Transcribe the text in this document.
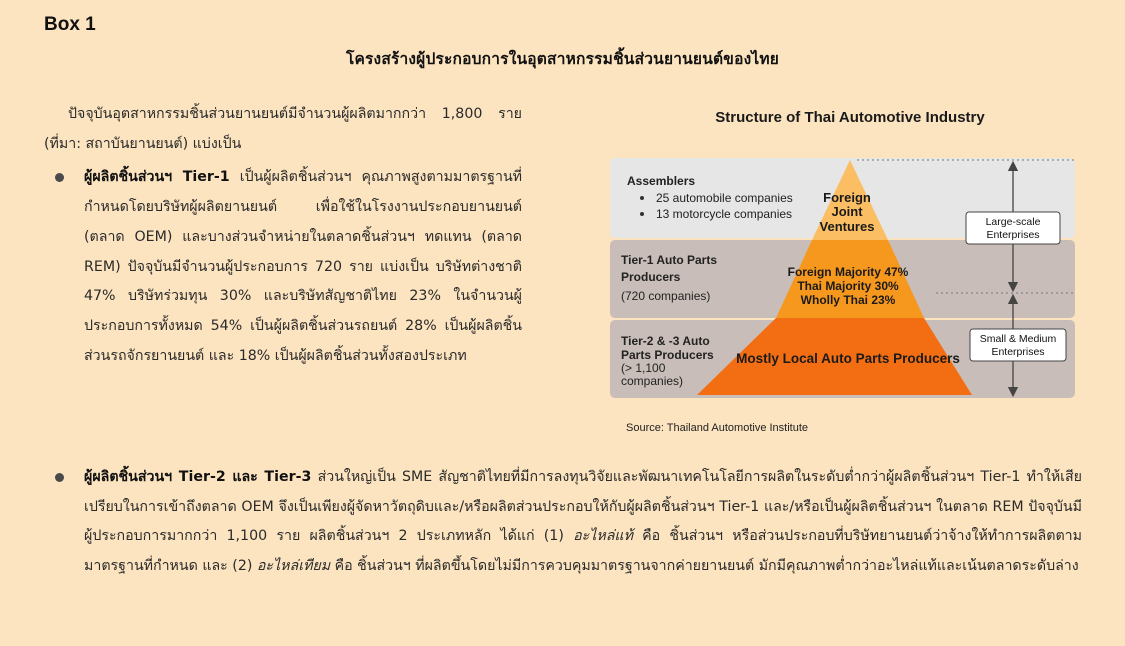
Box 1
โครงสร้างผู้ประกอบการในอุตสาหกรรมชิ้นส่วนยานยนต์ของไทย

ปัจจุบันอุตสาหกรรมชิ้นส่วนยานยนต์มีจำนวนผู้ผลิตมากกว่า 1,800 ราย (ที่มา: สถาบันยานยนต์) แบ่งเป็น

ผู้ผลิตชิ้นส่วนฯ Tier-1 เป็นผู้ผลิตชิ้นส่วนฯ คุณภาพสูงตามมาตรฐานที่กำหนดโดยบริษัทผู้ผลิตยานยนต์ เพื่อใช้ในโรงงานประกอบยานยนต์ (ตลาด OEM) และบางส่วนจำหน่ายในตลาดชิ้นส่วนฯ ทดแทน (ตลาด REM) ปัจจุบันมีจำนวนผู้ประกอบการ 720 ราย แบ่งเป็น บริษัทต่างชาติ 47% บริษัทร่วมทุน 30% และบริษัทสัญชาติไทย 23% ในจำนวนผู้ประกอบการทั้งหมด 54% เป็นผู้ผลิตชิ้นส่วนรถยนต์ 28% เป็นผู้ผลิตชิ้นส่วนรถจักรยานยนต์ และ 18% เป็นผู้ผลิตชิ้นส่วนทั้งสองประเภท
Structure of Thai Automotive Industry
Assemblers
25 automobile companies
13 motorcycle companies
Foreign
Joint
Ventures
Tier-1 Auto Parts
Producers
(720 companies)
Foreign Majority 47%
Thai Majority 30%
Wholly Thai 23%
Tier-2 & -3 Auto
Parts Producers
(> 1,100
companies)
Mostly Local Auto Parts Producers
Large-scale
Enterprises
Small & Medium
Enterprises
Source: Thailand Automotive Institute
ผู้ผลิตชิ้นส่วนฯ Tier-2 และ Tier-3 ส่วนใหญ่เป็น SME สัญชาติไทยที่มีการลงทุนวิจัยและพัฒนาเทคโนโลยีการผลิตในระดับต่ำกว่าผู้ผลิตชิ้นส่วนฯ Tier-1 ทำให้เสียเปรียบในการเข้าถึงตลาด OEM จึงเป็นเพียงผู้จัดหาวัตถุดิบและ/หรือผลิตส่วนประกอบให้กับผู้ผลิตชิ้นส่วนฯ Tier-1 และ/หรือเป็นผู้ผลิตชิ้นส่วนฯ ในตลาด REM ปัจจุบันมีผู้ประกอบการมากกว่า 1,100 ราย ผลิตชิ้นส่วนฯ 2 ประเภทหลัก ได้แก่ (1) อะไหล่แท้ คือ ชิ้นส่วนฯ หรือส่วนประกอบที่บริษัทยานยนต์ว่าจ้างให้ทำการผลิตตามมาตรฐานที่กำหนด และ (2) อะไหล่เทียม คือ ชิ้นส่วนฯ ที่ผลิตขึ้นโดยไม่มีการควบคุมมาตรฐานจากค่ายยานยนต์ มักมีคุณภาพต่ำกว่าอะไหล่แท้และเน้นตลาดระดับล่าง
